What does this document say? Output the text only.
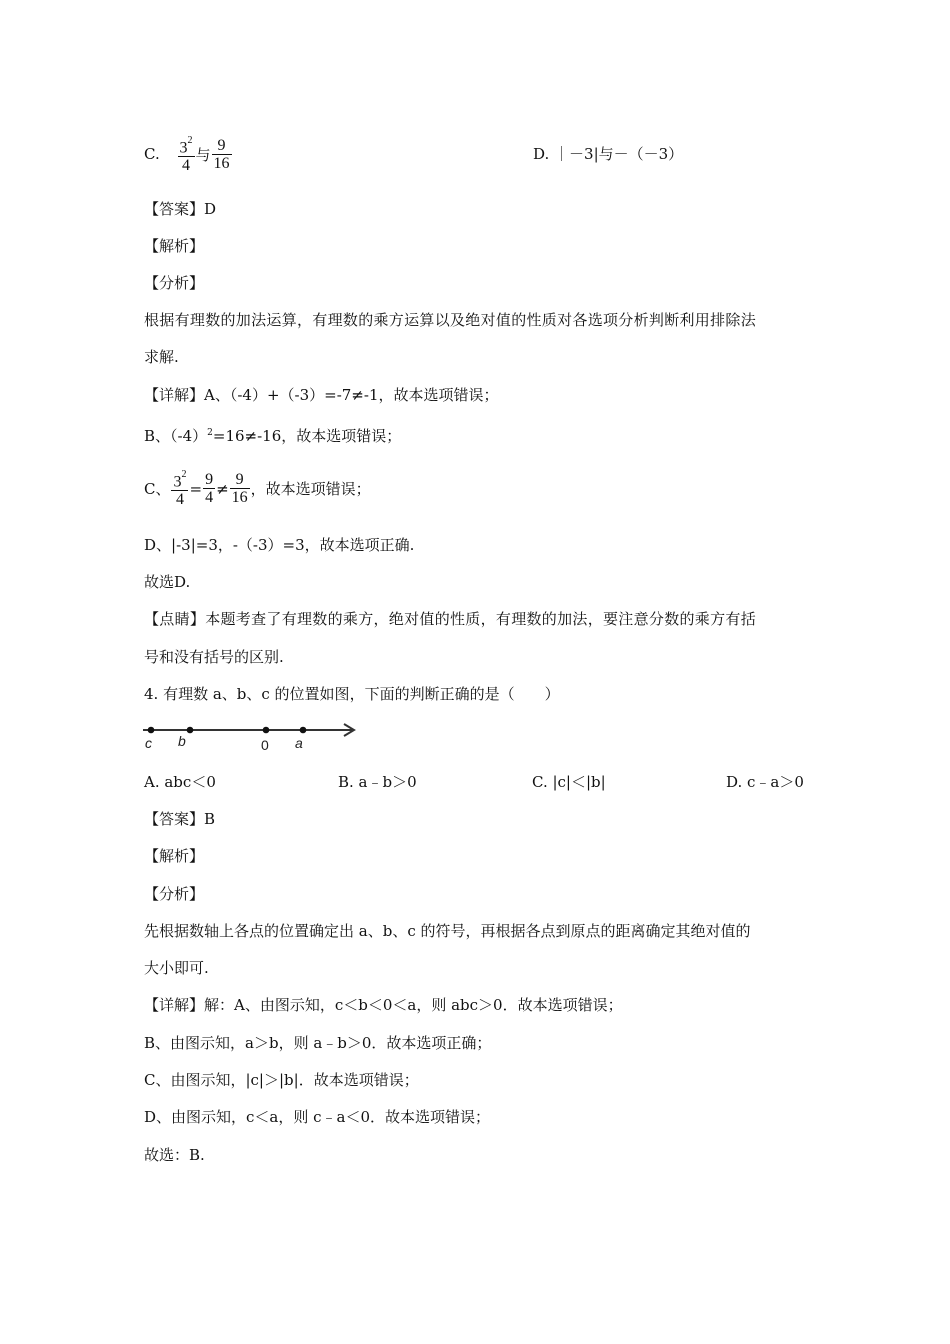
C. $\frac{3^2}{4}$ 与 $\frac{9}{16}$	D. ｜－3|与－（－3）
【答案】D
【解析】
【分析】
根据有理数的加法运算，有理数的乘方运算以及绝对值的性质对各选项分析判断利用排除法
求解.
【详解】A、（-4）+（-3）=-7≠-1，故本选项错误；
B、$(-4)^2=16\ne-16$，故本选项错误；
C、 $\frac{3^2}{4} = \frac{9}{4} \ne \frac{9}{16}$ ，故本选项错误；
D、|-3|=3，-（-3）=3，故本选项正确.
故选D.
【点睛】本题考查了有理数的乘方，绝对值的性质，有理数的加法，要注意分数的乘方有括
号和没有括号的区别.
4. 有理数 a、b、c 的位置如图，下面的判断正确的是（　　）
c b	0 a
A. abc＜0	B. a﹣b＞0	C. |c|＜|b|	D. c﹣a＞0
【答案】B
【解析】
【分析】
先根据数轴上各点的位置确定出 a、b、c 的符号，再根据各点到原点的距离确定其绝对值的
大小即可.
【详解】解：A、由图示知，c＜b＜0＜a，则 abc＞0．故本选项错误；
B、由图示知，a＞b，则 a﹣b＞0．故本选项正确；
C、由图示知，|c|＞|b|．故本选项错误；
D、由图示知，c＜a，则 c﹣a＜0．故本选项错误；
故选：B.
